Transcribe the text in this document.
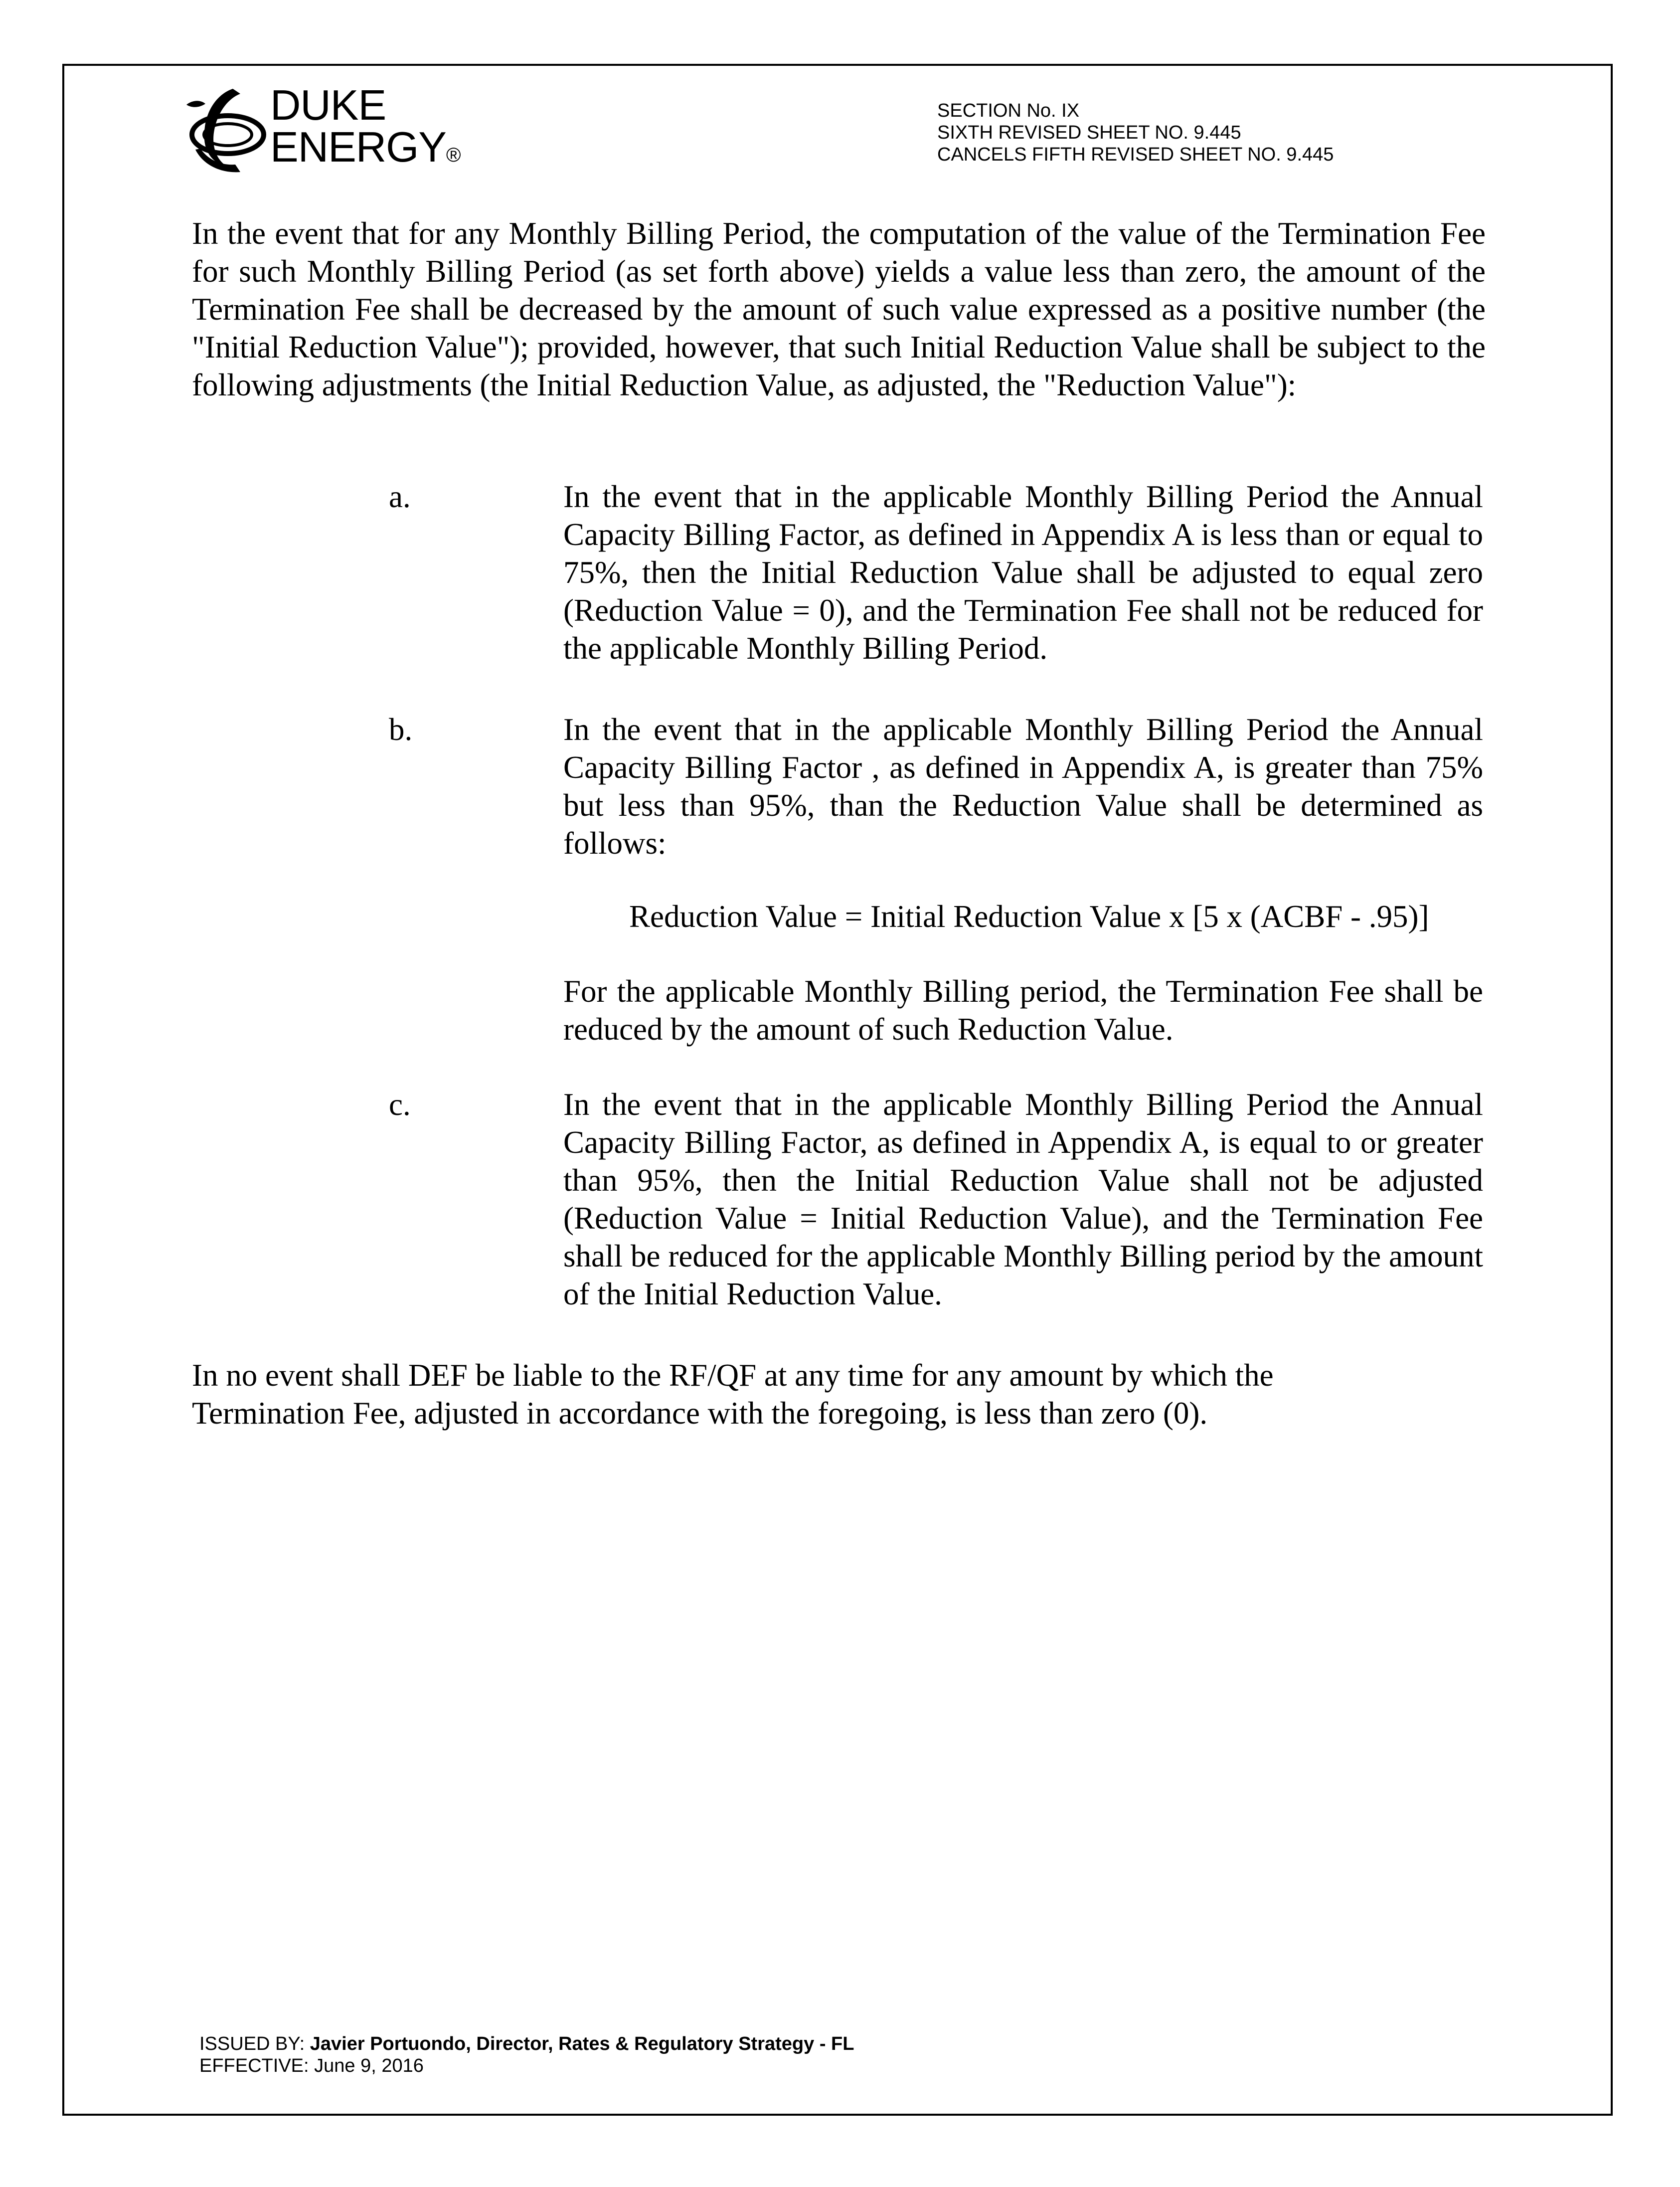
DUKE
ENERGY®
SECTION No. IX
SIXTH REVISED SHEET NO. 9.445
CANCELS FIFTH REVISED SHEET NO. 9.445
In the event that for any Monthly Billing Period, the computation of the value of the Termination Fee for such Monthly Billing Period (as set forth above) yields a value less than zero, the amount of the Termination Fee shall be decreased by the amount of such value expressed as a positive number (the "Initial Reduction Value"); provided, however, that such Initial Reduction Value shall be subject to the following adjustments (the Initial Reduction Value, as adjusted, the "Reduction Value"):
a.	In the event that in the applicable Monthly Billing Period the Annual Capacity Billing Factor, as defined in Appendix A is less than or equal to 75%, then the Initial Reduction Value shall be adjusted to equal zero (Reduction Value = 0), and the Termination Fee shall not be reduced for the applicable Monthly Billing Period.
b.	In the event that in the applicable Monthly Billing Period the Annual Capacity Billing Factor , as defined in Appendix A, is greater than 75% but less than 95%, than the Reduction Value shall be determined as follows:
Reduction Value = Initial Reduction Value x [5 x (ACBF - .95)]
For the applicable Monthly Billing period, the Termination Fee shall be reduced by the amount of such Reduction Value.
c.	In the event that in the applicable Monthly Billing Period the Annual Capacity Billing Factor, as defined in Appendix A, is equal to or greater than 95%, then the Initial Reduction Value shall not be adjusted (Reduction Value = Initial Reduction Value), and the Termination Fee shall be reduced for the applicable Monthly Billing period by the amount of the Initial Reduction Value.
In no event shall DEF be liable to the RF/QF at any time for any amount by which the Termination Fee, adjusted in accordance with the foregoing, is less than zero (0).
ISSUED BY: Javier Portuondo, Director, Rates & Regulatory Strategy - FL
EFFECTIVE: June 9, 2016
